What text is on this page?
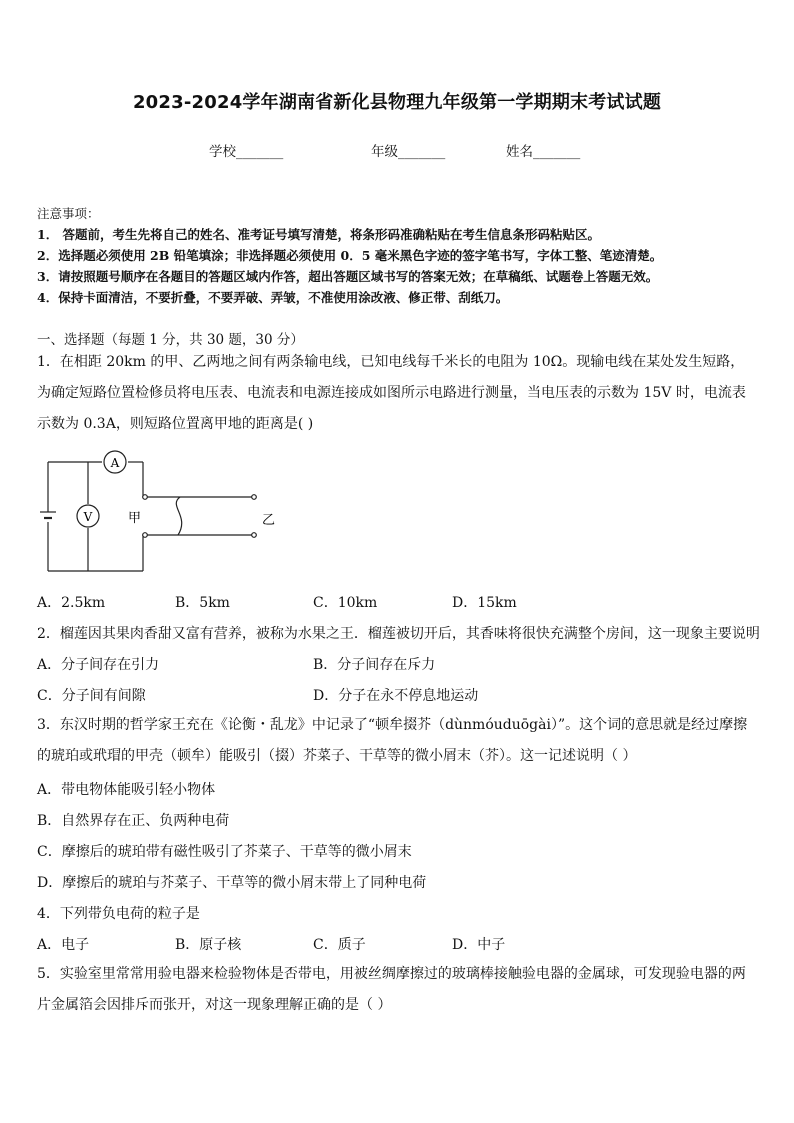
2023-2024学年湖南省新化县物理九年级第一学期期末考试试题
学校_______	年级_______	姓名_______
注意事项：
1． 答题前，考生先将自己的姓名、准考证号填写清楚，将条形码准确粘贴在考生信息条形码粘贴区。
2．选择题必须使用 2B 铅笔填涂；非选择题必须使用 0．5 毫米黑色字迹的签字笔书写，字体工整、笔迹清楚。
3．请按照题号顺序在各题目的答题区域内作答，超出答题区域书写的答案无效；在草稿纸、试题卷上答题无效。
4．保持卡面清洁，不要折叠，不要弄破、弄皱，不准使用涂改液、修正带、刮纸刀。
一、选择题（每题 1 分，共 30 题，30 分）
1．在相距 20km 的甲、乙两地之间有两条输电线，已知电线每千米长的电阻为 10Ω。现输电线在某处发生短路，为确定短路位置检修员将电压表、电流表和电源连接成如图所示电路进行测量，当电压表的示数为 15V 时，电流表示数为 0.3A，则短路位置离甲地的距离是( )
A
V	甲	乙
A．2.5km	B．5km	C．10km	D．15km
2．榴莲因其果肉香甜又富有营养，被称为水果之王．榴莲被切开后，其香味将很快充满整个房间，这一现象主要说明
A．分子间存在引力	B．分子间存在斥力
C．分子间有间隙	D．分子在永不停息地运动
3．东汉时期的哲学家王充在《论衡・乱龙》中记录了“顿牟掇芥（dùnmóuduōgài）”。这个词的意思就是经过摩擦的琥珀或玳瑁的甲壳（顿牟）能吸引（掇）芥菜子、干草等的微小屑末（芥）。这一记述说明（ ）
A．带电物体能吸引轻小物体
B．自然界存在正、负两种电荷
C．摩擦后的琥珀带有磁性吸引了芥菜子、干草等的微小屑末
D．摩擦后的琥珀与芥菜子、干草等的微小屑末带上了同种电荷
4．下列带负电荷的粒子是
A．电子	B．原子核	C．质子	D．中子
5．实验室里常常用验电器来检验物体是否带电，用被丝绸摩擦过的玻璃棒接触验电器的金属球，可发现验电器的两片金属箔会因排斥而张开，对这一现象理解正确的是（ ）
